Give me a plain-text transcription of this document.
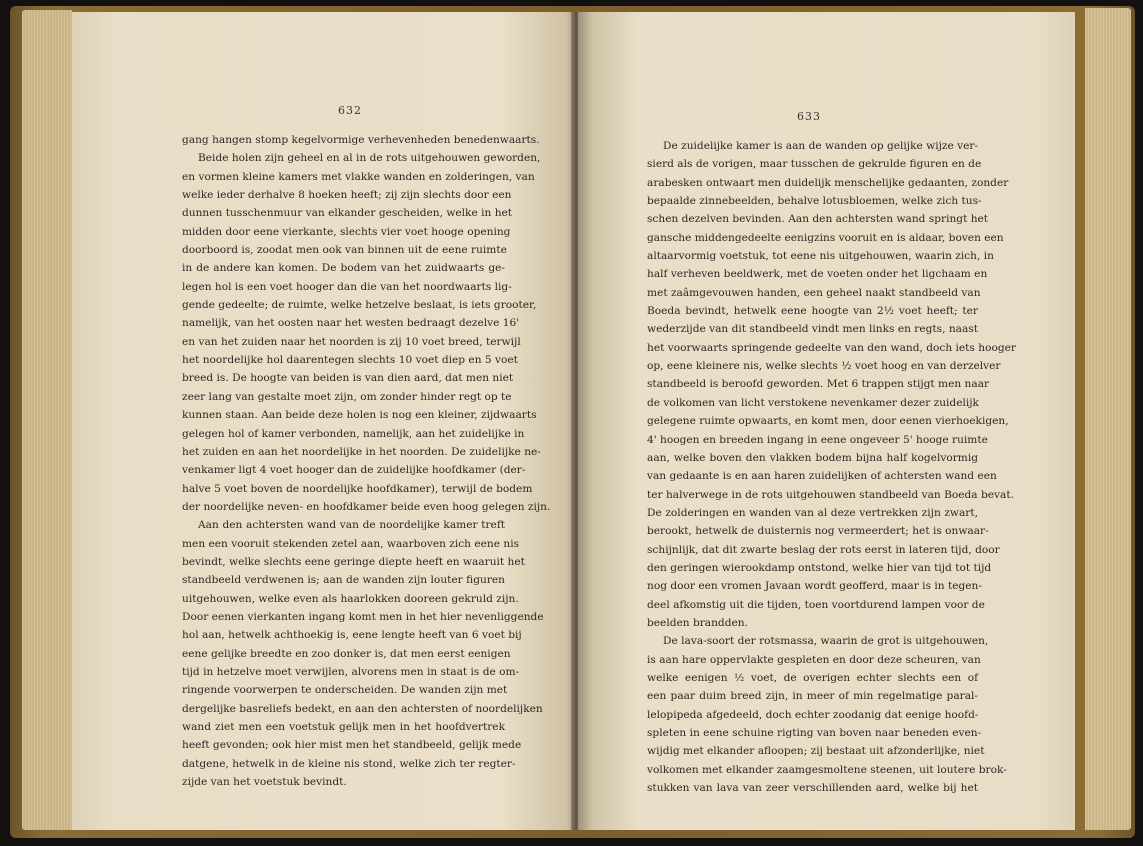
632
gang hangen stomp kegelvormige verhevenheden benedenwaarts.
Beide holen zijn geheel en al in de rots uitgehouwen geworden,
en vormen kleine kamers met vlakke wanden en zolderingen, van
welke ieder derhalve 8 hoeken heeft; zij zijn slechts door een
dunnen tusschenmuur van elkander gescheiden, welke in het
midden door eene vierkante, slechts vier voet hooge opening
doorboord is, zoodat men ook van binnen uit de eene ruimte
in de andere kan komen. De bodem van het zuidwaarts ge-
legen hol is een voet hooger dan die van het noordwaarts lig-
gende gedeelte; de ruimte, welke hetzelve beslaat, is iets grooter,
namelijk, van het oosten naar het westen bedraagt dezelve 16'
en van het zuiden naar het noorden is zij 10 voet breed, terwijl
het noordelijke hol daarentegen slechts 10 voet diep en 5 voet
breed is. De hoogte van beiden is van dien aard, dat men niet
zeer lang van gestalte moet zijn, om zonder hinder regt op te
kunnen staan. Aan beide deze holen is nog een kleiner, zijdwaarts
gelegen hol of kamer verbonden, namelijk, aan het zuidelijke in
het zuiden en aan het noordelijke in het noorden. De zuidelijke ne-
venkamer ligt 4 voet hooger dan de zuidelijke hoofdkamer (der-
halve 5 voet boven de noordelijke hoofdkamer), terwijl de bodem
der noordelijke neven- en hoofdkamer beide even hoog gelegen zijn.
Aan den achtersten wand van de noordelijke kamer treft
men een vooruit stekenden zetel aan, waarboven zich eene nis
bevindt, welke slechts eene geringe diepte heeft en waaruit het
standbeeld verdwenen is; aan de wanden zijn louter figuren
uitgehouwen, welke even als haarlokken dooreen gekruld zijn.
Door eenen vierkanten ingang komt men in het hier nevenliggende
hol aan, hetwelk achthoekig is, eene lengte heeft van 6 voet bij
eene gelijke breedte en zoo donker is, dat men eerst eenigen
tijd in hetzelve moet verwijlen, alvorens men in staat is de om-
ringende voorwerpen te onderscheiden. De wanden zijn met
dergelijke basreliefs bedekt, en aan den achtersten of noordelijken
wand ziet men een voetstuk gelijk men in het hoofdvertrek
heeft gevonden; ook hier mist men het standbeeld, gelijk mede
datgene, hetwelk in de kleine nis stond, welke zich ter regter-
zijde van het voetstuk bevindt.
633
De zuidelijke kamer is aan de wanden op gelijke wijze ver-
sierd als de vorigen, maar tusschen de gekrulde figuren en de
arabesken ontwaart men duidelijk menschelijke gedaanten, zonder
bepaalde zinnebeelden, behalve lotusbloemen, welke zich tus-
schen dezelven bevinden. Aan den achtersten wand springt het
gansche middengedeelte eenigzins vooruit en is aldaar, boven een
altaarvormig voetstuk, tot eene nis uitgehouwen, waarin zich, in
half verheven beeldwerk, met de voeten onder het ligchaam en
met zaâmgevouwen handen, een geheel naakt standbeeld van
Boeda bevindt, hetwelk eene hoogte van 2½ voet heeft; ter
wederzijde van dit standbeeld vindt men links en regts, naast
het voorwaarts springende gedeelte van den wand, doch iets hooger
op, eene kleinere nis, welke slechts ½ voet hoog en van derzelver
standbeeld is beroofd geworden. Met 6 trappen stijgt men naar
de volkomen van licht verstokene nevenkamer dezer zuidelijk
gelegene ruimte opwaarts, en komt men, door eenen vierhoekigen,
4' hoogen en breeden ingang in eene ongeveer 5' hooge ruimte
aan, welke boven den vlakken bodem bijna half kogelvormig
van gedaante is en aan haren zuidelijken of achtersten wand een
ter halverwege in de rots uitgehouwen standbeeld van Boeda bevat.
De zolderingen en wanden van al deze vertrekken zijn zwart,
berookt, hetwelk de duisternis nog vermeerdert; het is onwaar-
schijnlijk, dat dit zwarte beslag der rots eerst in lateren tijd, door
den geringen wierookdamp ontstond, welke hier van tijd tot tijd
nog door een vromen Javaan wordt geofferd, maar is in tegen-
deel afkomstig uit die tijden, toen voortdurend lampen voor de
beelden brandden.
De lava-soort der rotsmassa, waarin de grot is uitgehouwen,
is aan hare oppervlakte gespleten en door deze scheuren, van
welke eenigen ½ voet, de overigen echter slechts een of
een paar duim breed zijn, in meer of min regelmatige paral-
lelopipeda afgedeeld, doch echter zoodanig dat eenige hoofd-
spleten in eene schuine rigting van boven naar beneden even-
wijdig met elkander afloopen; zij bestaat uit afzonderlijke, niet
volkomen met elkander zaamgesmoltene steenen, uit loutere brok-
stukken van lava van zeer verschillenden aard, welke bij het
